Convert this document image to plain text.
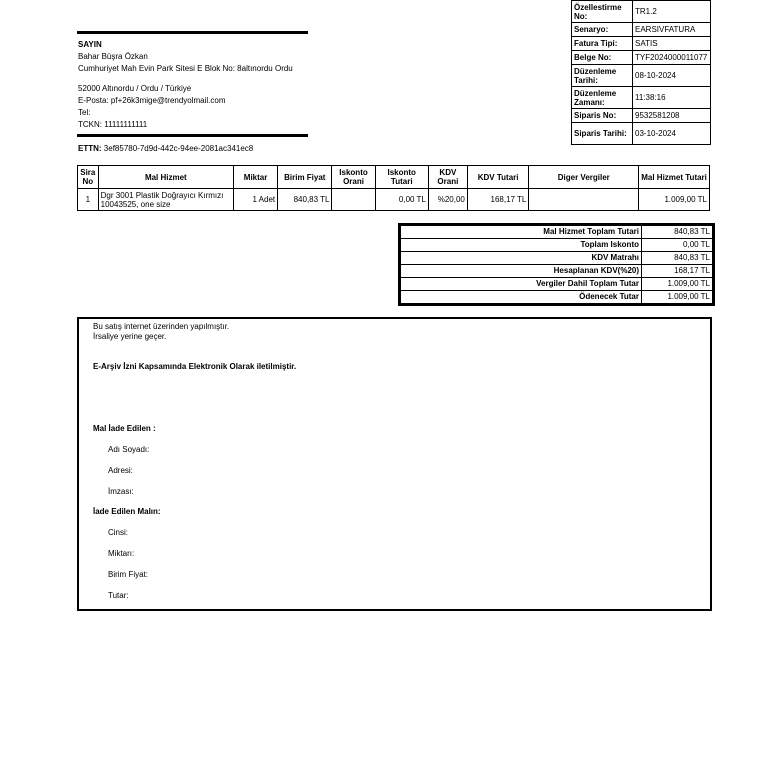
Özellestirme No:	TR1.2
Senaryo:	EARSIVFATURA
Fatura Tipi:	SATIS
Belge No:	TYF2024000011077
Düzenleme Tarihi:	08-10-2024
Düzenleme Zamanı:	11:38:16
Siparis No:	9532581208
Siparis Tarihi:	03-10-2024
SAYIN
Bahar Büşra Özkan
Cumhuriyet Mah Evin Park Sitesi E Blok No: 8altınordu Ordu
52000 Altınordu / Ordu / Türkiye
E-Posta: pf+26k3mige@trendyolmail.com
Tel:
TCKN: 11111111111
ETTN: 3ef85780-7d9d-442c-94ee-2081ac341ec8
Sira No	Mal Hizmet	Miktar	Birim Fiyat	Iskonto Orani	Iskonto Tutari	KDV Orani	KDV Tutari	Diger Vergiler	Mal Hizmet Tutari
1	Dgr 3001 Plastik Doğrayıcı Kırmızı 10043525, one size	1 Adet	840,83 TL		0,00 TL	%20,00	168,17 TL		1.009,00 TL
Mal Hizmet Toplam Tutari	840,83 TL
Toplam Iskonto	0,00 TL
KDV Matrahı	840,83 TL
Hesaplanan KDV(%20)	168,17 TL
Vergiler Dahil Toplam Tutar	1.009,00 TL
Ödenecek Tutar	1.009,00 TL
Bu satış internet üzerinden yapılmıştır.
İrsaliye yerine geçer.
E-Arşiv İzni Kapsamında Elektronik Olarak iletilmiştir.
Mal İade Edilen :
Adı Soyadı:
Adresi:
İmzası:
İade Edilen Malın:
Cinsi:
Miktarı:
Birim Fiyat:
Tutar:
